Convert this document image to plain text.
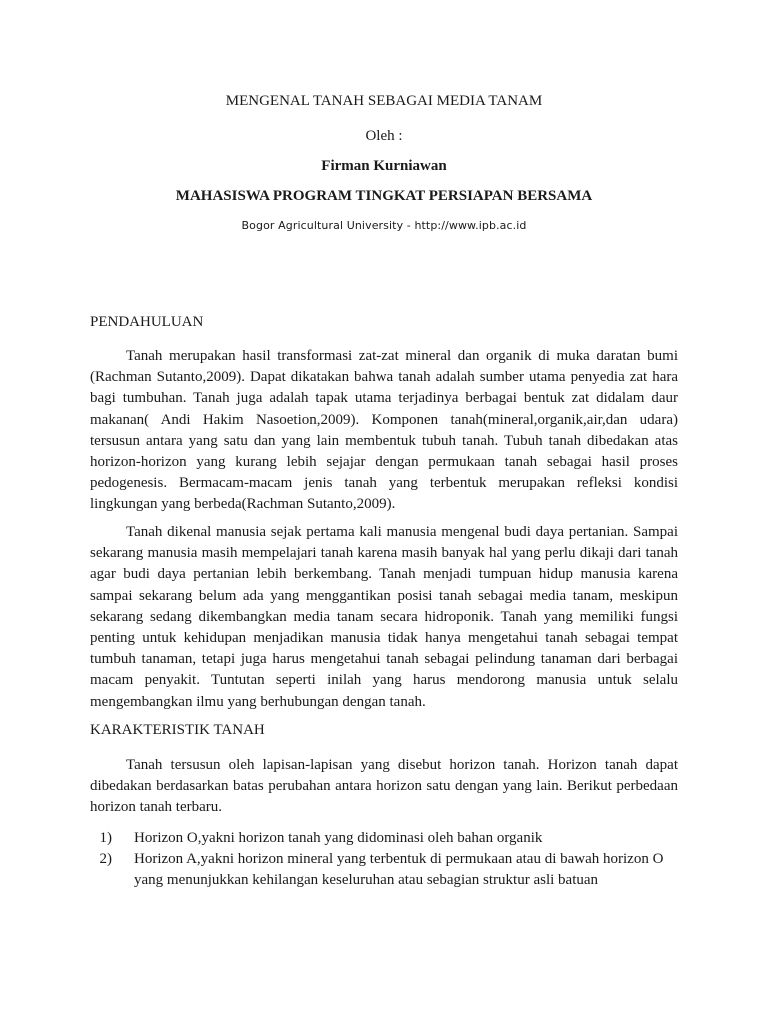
MENGENAL TANAH SEBAGAI MEDIA TANAM
Oleh :
Firman Kurniawan
MAHASISWA PROGRAM TINGKAT PERSIAPAN BERSAMA
Bogor Agricultural University - http://www.ipb.ac.id
PENDAHULUAN

Tanah merupakan hasil transformasi zat-zat mineral dan organik di muka daratan bumi (Rachman Sutanto,2009). Dapat dikatakan bahwa tanah adalah sumber utama penyedia zat hara bagi tumbuhan. Tanah juga adalah tapak utama terjadinya berbagai bentuk zat didalam daur makanan( Andi Hakim Nasoetion,2009). Komponen tanah(mineral,organik,air,dan udara) tersusun antara yang satu dan yang lain membentuk tubuh tanah. Tubuh tanah dibedakan atas horizon-horizon yang kurang lebih sejajar dengan permukaan tanah sebagai hasil proses pedogenesis. Bermacam-macam jenis tanah yang terbentuk merupakan refleksi kondisi lingkungan yang berbeda(Rachman Sutanto,2009).

Tanah dikenal manusia sejak pertama kali manusia mengenal budi daya pertanian. Sampai sekarang manusia masih mempelajari tanah karena masih banyak hal yang perlu dikaji dari tanah agar budi daya pertanian lebih berkembang. Tanah menjadi tumpuan hidup manusia karena sampai sekarang belum ada yang menggantikan posisi tanah sebagai media tanam, meskipun sekarang sedang dikembangkan media tanam secara hidroponik. Tanah yang memiliki fungsi penting untuk kehidupan menjadikan manusia tidak hanya mengetahui tanah sebagai tempat tumbuh tanaman, tetapi juga harus mengetahui tanah sebagai pelindung tanaman dari berbagai macam penyakit. Tuntutan seperti inilah yang harus mendorong manusia untuk selalu mengembangkan ilmu yang berhubungan dengan tanah.

KARAKTERISTIK TANAH

Tanah tersusun oleh lapisan-lapisan yang disebut horizon tanah. Horizon tanah dapat dibedakan berdasarkan batas perubahan antara horizon satu dengan yang lain. Berikut perbedaan horizon tanah terbaru.

1) Horizon O,yakni horizon tanah yang didominasi oleh bahan organik
2) Horizon A,yakni horizon mineral yang terbentuk di permukaan atau di bawah horizon O yang menunjukkan kehilangan keseluruhan atau sebagian struktur asli batuan
